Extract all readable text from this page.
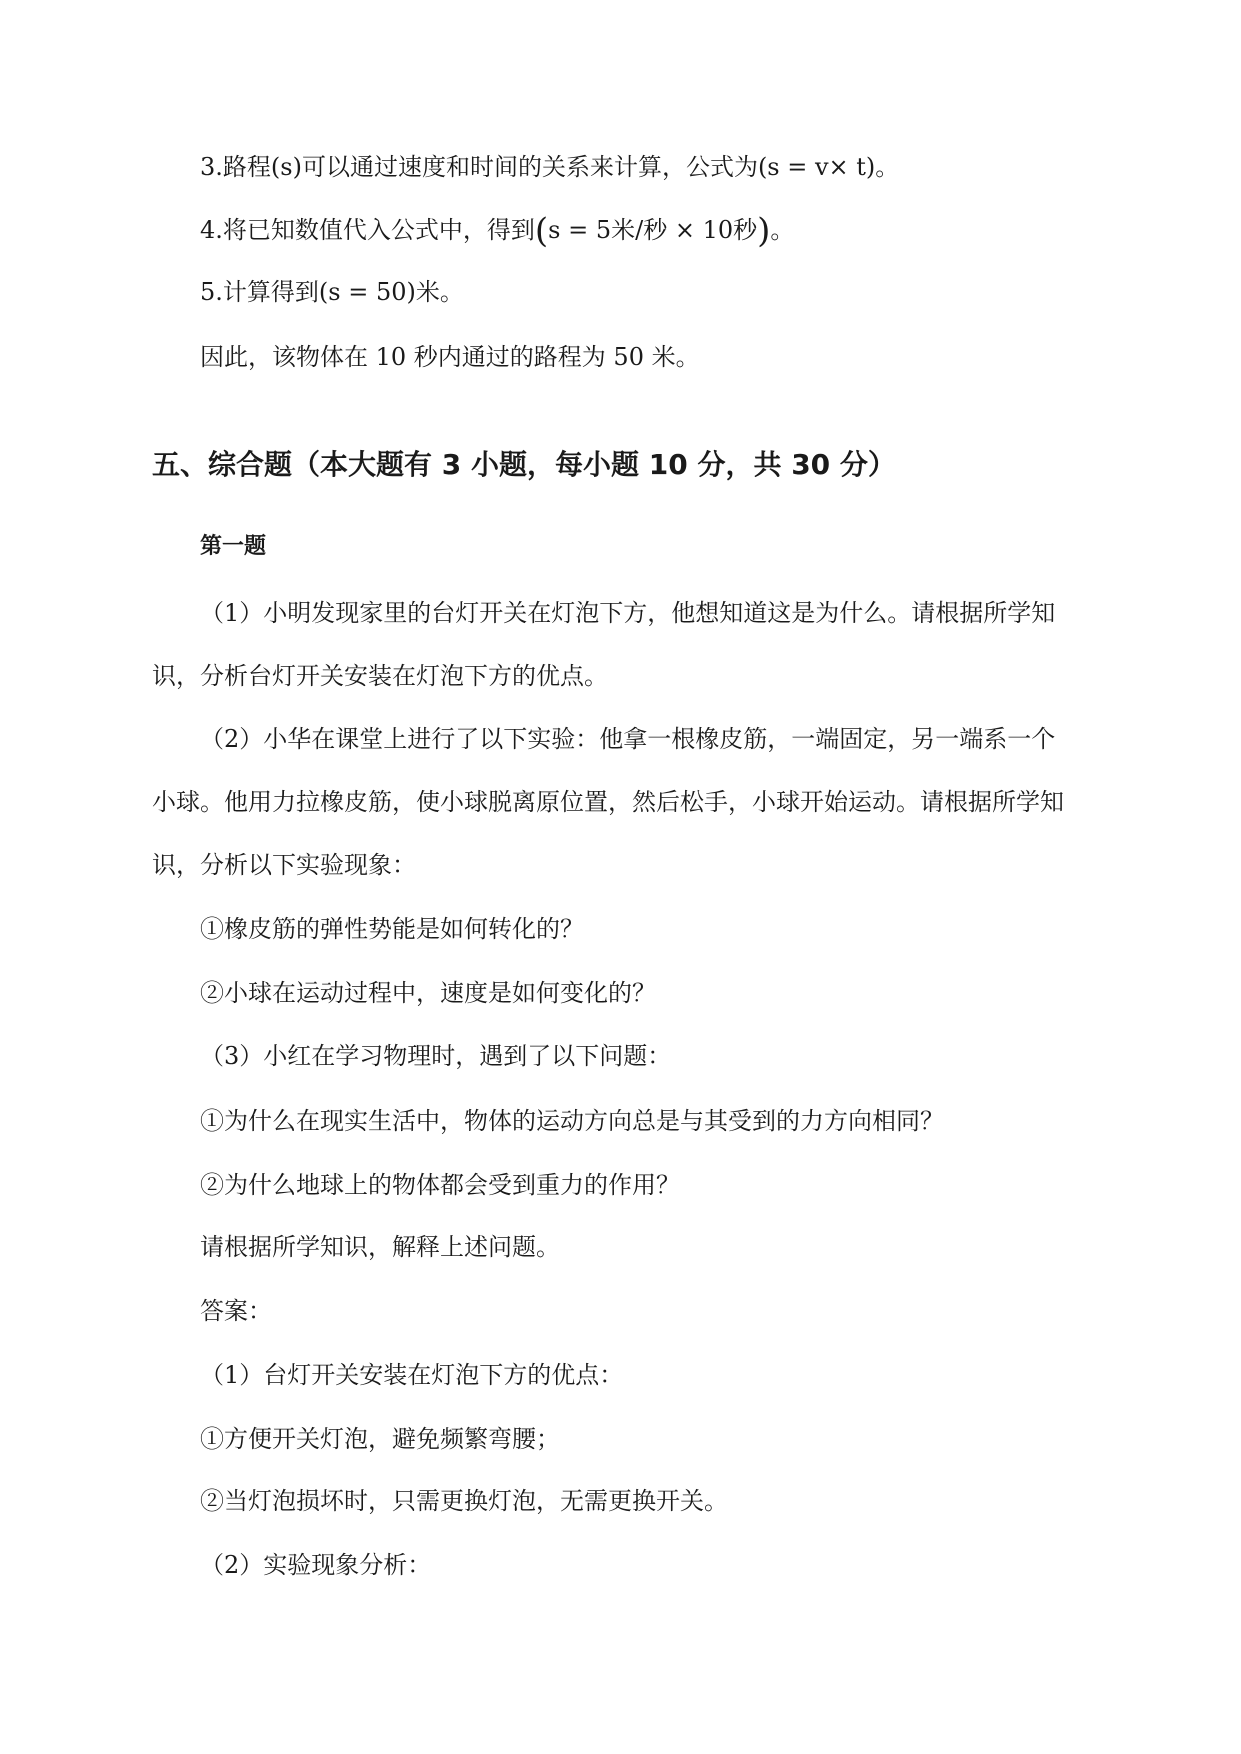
3.路程(s)可以通过速度和时间的关系来计算，公式为(s = v× t)。
4.将已知数值代入公式中，得到(s = 5米/秒 × 10秒)。
5.计算得到(s = 50)米。
因此，该物体在 10 秒内通过的路程为 50 米。
五、综合题（本大题有 3 小题，每小题 10 分，共 30 分）
第一题
（1）小明发现家里的台灯开关在灯泡下方，他想知道这是为什么。请根据所学知
识，分析台灯开关安装在灯泡下方的优点。
（2）小华在课堂上进行了以下实验：他拿一根橡皮筋，一端固定，另一端系一个
小球。他用力拉橡皮筋，使小球脱离原位置，然后松手，小球开始运动。请根据所学知
识，分析以下实验现象：
①橡皮筋的弹性势能是如何转化的？
②小球在运动过程中，速度是如何变化的？
（3）小红在学习物理时，遇到了以下问题：
①为什么在现实生活中，物体的运动方向总是与其受到的力方向相同？
②为什么地球上的物体都会受到重力的作用？
请根据所学知识，解释上述问题。
答案：
（1）台灯开关安装在灯泡下方的优点：
①方便开关灯泡，避免频繁弯腰；
②当灯泡损坏时，只需更换灯泡，无需更换开关。
（2）实验现象分析：
